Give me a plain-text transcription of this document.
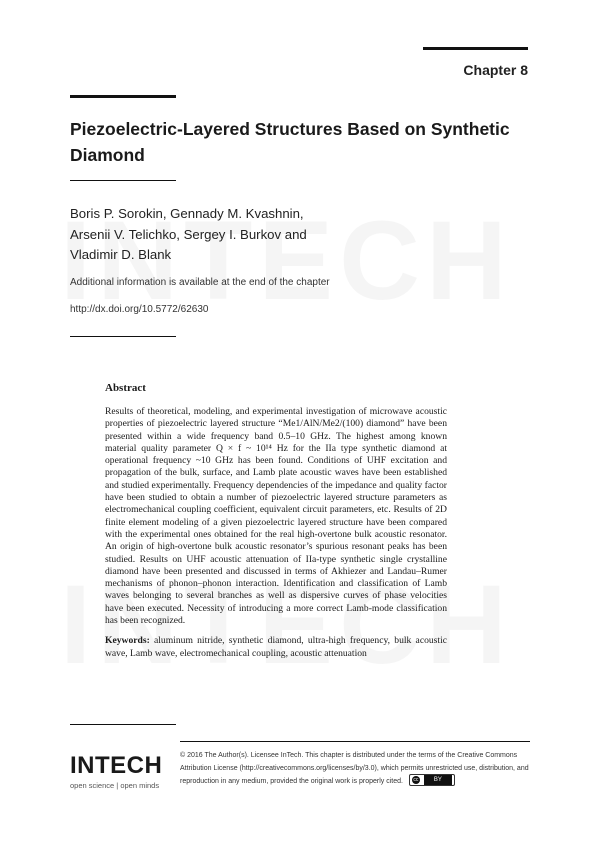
Chapter 8
Piezoelectric-Layered Structures Based on Synthetic Diamond
Boris P. Sorokin, Gennady M. Kvashnin,
Arsenii V. Telichko, Sergey I. Burkov and
Vladimir D. Blank
Additional information is available at the end of the chapter
http://dx.doi.org/10.5772/62630
Abstract
Results of theoretical, modeling, and experimental investigation of microwave acoustic properties of piezoelectric layered structure “Me1/AlN/Me2/(100) diamond” have been presented within a wide frequency band 0.5–10 GHz. The highest among known material quality parameter Q × f ~ 10¹⁴ Hz for the IIa type synthetic diamond at operational frequency ~10 GHz has been found. Conditions of UHF excitation and propagation of the bulk, surface, and Lamb plate acoustic waves have been established and studied experimentally. Frequency dependencies of the impedance and quality factor have been studied to obtain a number of piezoelectric layered structure parameters as electromechanical coupling coefficient, equivalent circuit parameters, etc. Results of 2D finite element modeling of a given piezoelectric layered structure have been compared with the experimental ones obtained for the real high-overtone bulk acoustic resonator. An origin of high-overtone bulk acoustic resonator’s spurious resonant peaks has been studied. Results on UHF acoustic attenuation of IIa-type synthetic single crystalline diamond have been presented and discussed in terms of Akhiezer and Landau–Rumer mechanisms of phonon–phonon interaction. Identification and classification of Lamb waves belonging to several branches as well as dispersive curves of phase velocities have been executed. Necessity of introducing a more correct Lamb-mode classification has been recognized.
Keywords: aluminum nitride, synthetic diamond, ultra-high frequency, bulk acoustic wave, Lamb wave, electromechanical coupling, acoustic attenuation
INTECH
open science | open minds
© 2016 The Author(s). Licensee InTech. This chapter is distributed under the terms of the Creative Commons Attribution License (http://creativecommons.org/licenses/by/3.0), which permits unrestricted use, distribution, and reproduction in any medium, provided the original work is properly cited.	cc	BY
